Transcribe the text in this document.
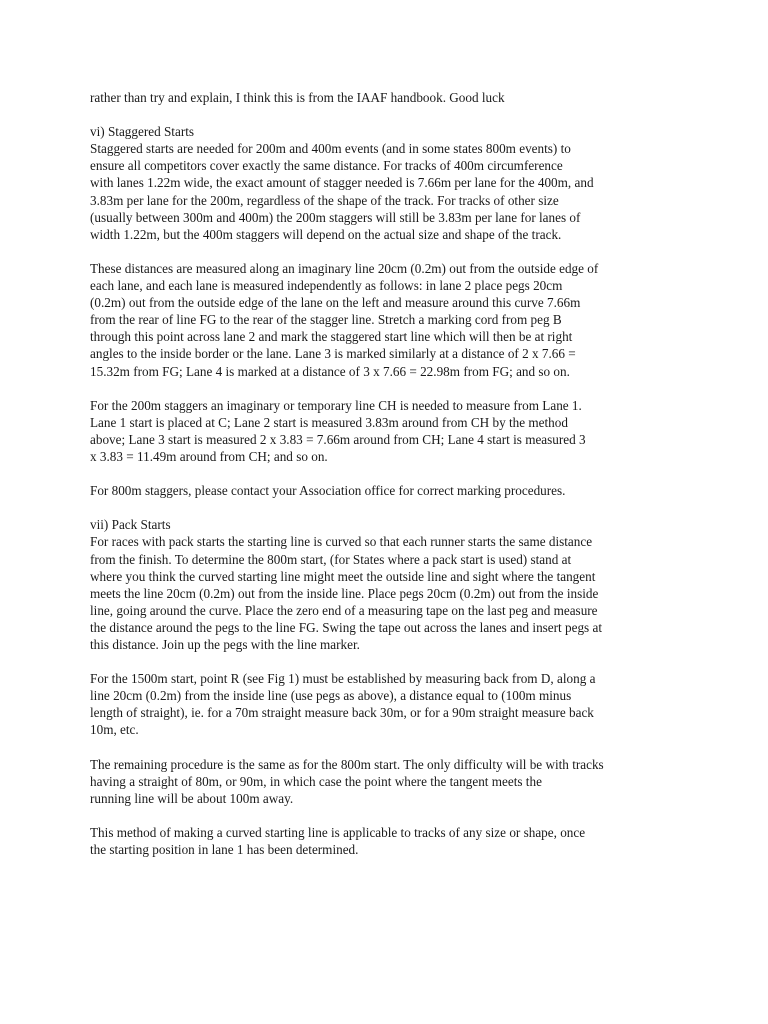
rather than try and explain, I think this is from the IAAF handbook. Good luck
vi) Staggered Starts
Staggered starts are needed for 200m and 400m events (and in some states 800m events) to
ensure all competitors cover exactly the same distance. For tracks of 400m circumference
with lanes 1.22m wide, the exact amount of stagger needed is 7.66m per lane for the 400m, and
3.83m per lane for the 200m, regardless of the shape of the track. For tracks of other size
(usually between 300m and 400m) the 200m staggers will still be 3.83m per lane for lanes of
width 1.22m, but the 400m staggers will depend on the actual size and shape of the track.
These distances are measured along an imaginary line 20cm (0.2m) out from the outside edge of
each lane, and each lane is measured independently as follows: in lane 2 place pegs 20cm
(0.2m) out from the outside edge of the lane on the left and measure around this curve 7.66m
from the rear of line FG to the rear of the stagger line. Stretch a marking cord from peg B
through this point across lane 2 and mark the staggered start line which will then be at right
angles to the inside border or the lane. Lane 3 is marked similarly at a distance of 2 x 7.66 =
15.32m from FG; Lane 4 is marked at a distance of 3 x 7.66 = 22.98m from FG; and so on.
For the 200m staggers an imaginary or temporary line CH is needed to measure from Lane 1.
Lane 1 start is placed at C; Lane 2 start is measured 3.83m around from CH by the method
above; Lane 3 start is measured 2 x 3.83 = 7.66m around from CH; Lane 4 start is measured 3
x 3.83 = 11.49m around from CH; and so on.
For 800m staggers, please contact your Association office for correct marking procedures.
vii) Pack Starts
For races with pack starts the starting line is curved so that each runner starts the same distance
from the finish. To determine the 800m start, (for States where a pack start is used) stand at
where you think the curved starting line might meet the outside line and sight where the tangent
meets the line 20cm (0.2m) out from the inside line. Place pegs 20cm (0.2m) out from the inside
line, going around the curve. Place the zero end of a measuring tape on the last peg and measure
the distance around the pegs to the line FG. Swing the tape out across the lanes and insert pegs at
this distance. Join up the pegs with the line marker.
For the 1500m start, point R (see Fig 1) must be established by measuring back from D, along a
line 20cm (0.2m) from the inside line (use pegs as above), a distance equal to (100m minus
length of straight), ie. for a 70m straight measure back 30m, or for a 90m straight measure back
10m, etc.
The remaining procedure is the same as for the 800m start. The only difficulty will be with tracks
having a straight of 80m, or 90m, in which case the point where the tangent meets the
running line will be about 100m away.
This method of making a curved starting line is applicable to tracks of any size or shape, once
the starting position in lane 1 has been determined.
